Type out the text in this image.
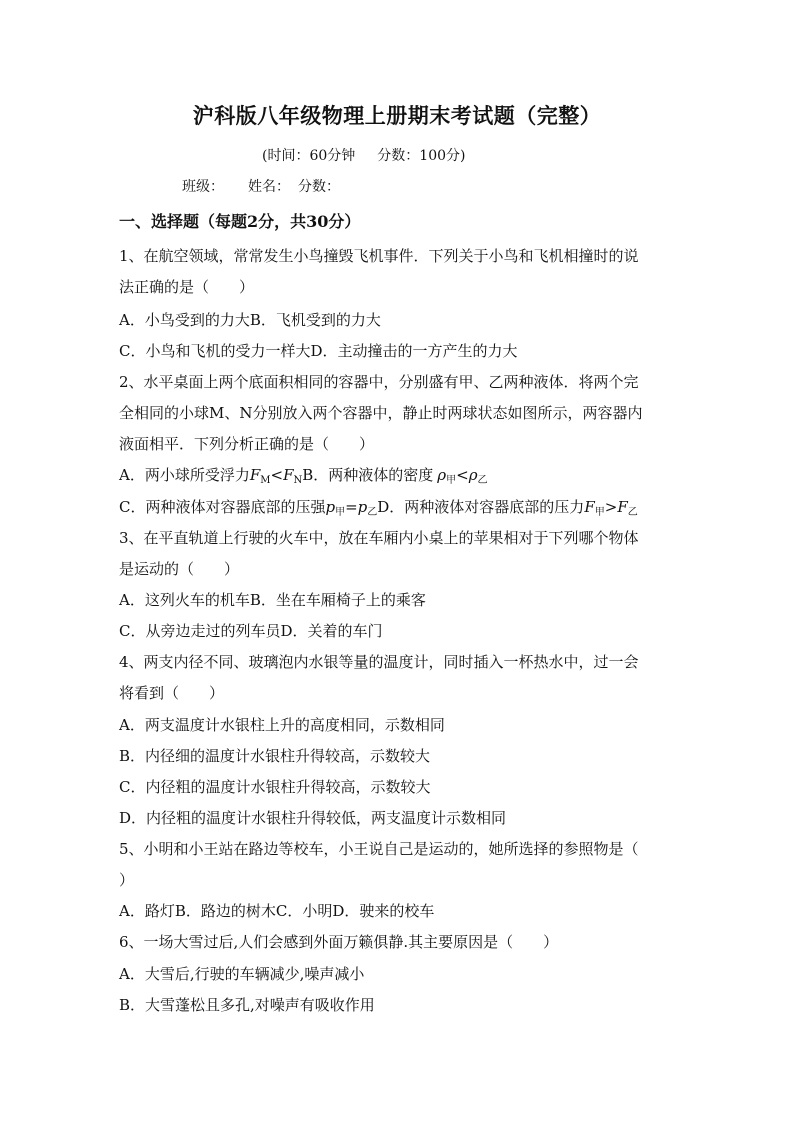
沪科版八年级物理上册期末考试题（完整）
(时间：60分钟 分数：100分)
班级： 姓名： 分数：
一、选择题（每题2分，共30分）
1、在航空领域，常常发生小鸟撞毁飞机事件．下列关于小鸟和飞机相撞时的说
法正确的是（　　）
A．小鸟受到的力大B．飞机受到的力大
C．小鸟和飞机的受力一样大D．主动撞击的一方产生的力大
2、水平桌面上两个底面积相同的容器中，分别盛有甲、乙两种液体．将两个完
全相同的小球M、N分别放入两个容器中，静止时两球状态如图所示，两容器内
液面相平．下列分析正确的是（　　）
A．两小球所受浮力$F_M<F_NB$．两种液体的密度 $\rho_甲<\rho_乙$
C．两种液体对容器底部的压强$p_甲=p_乙D$．两种液体对容器底部的压力$F_甲>F_乙$
3、在平直轨道上行驶的火车中，放在车厢内小桌上的苹果相对于下列哪个物体
是运动的（　　）
A．这列火车的机车B．坐在车厢椅子上的乘客
C．从旁边走过的列车员D．关着的车门
4、两支内径不同、玻璃泡内水银等量的温度计，同时插入一杯热水中，过一会
将看到（　　）
A．两支温度计水银柱上升的高度相同，示数相同
B．内径细的温度计水银柱升得较高，示数较大
C．内径粗的温度计水银柱升得较高，示数较大
D．内径粗的温度计水银柱升得较低，两支温度计示数相同
5、小明和小王站在路边等校车，小王说自己是运动的，她所选择的参照物是（
）
A．路灯B．路边的树木C．小明D．驶来的校车
6、一场大雪过后,人们会感到外面万籁俱静.其主要原因是（　　）
A．大雪后,行驶的车辆减少,噪声减小
B．大雪蓬松且多孔,对噪声有吸收作用
